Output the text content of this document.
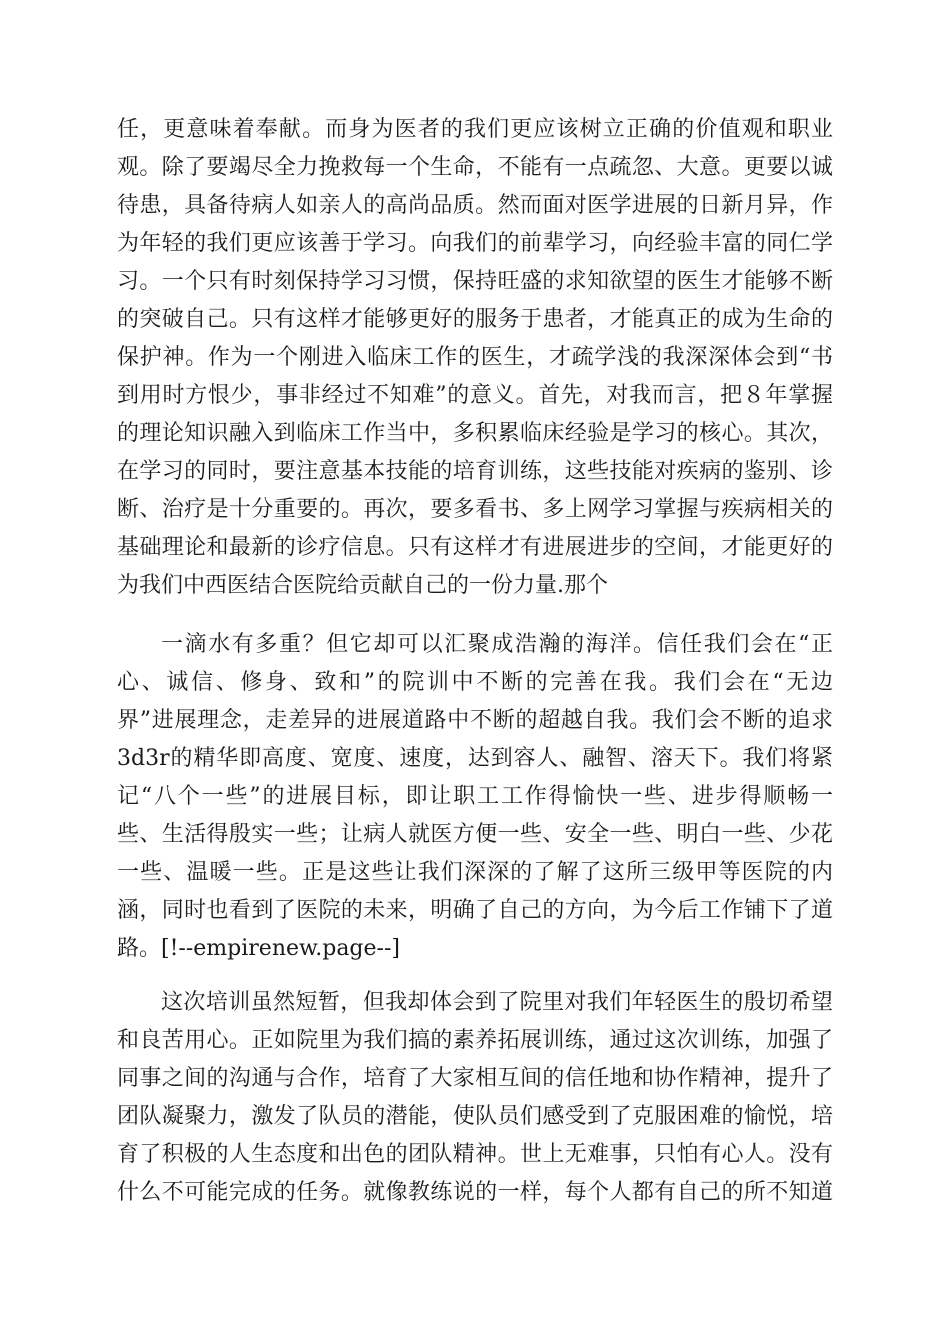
任，更意味着奉献。而身为医者的我们更应该树立正确的价值观和职业
观。除了要竭尽全力挽救每一个生命，不能有一点疏忽、大意。更要以诚
待患，具备待病人如亲人的高尚品质。然而面对医学进展的日新月异，作
为年轻的我们更应该善于学习。向我们的前辈学习，向经验丰富的同仁学
习。一个只有时刻保持学习习惯，保持旺盛的求知欲望的医生才能够不断
的突破自己。只有这样才能够更好的服务于患者，才能真正的成为生命的
保护神。作为一个刚进入临床工作的医生，才疏学浅的我深深体会到“书
到用时方恨少，事非经过不知难”的意义。首先，对我而言，把８年掌握
的理论知识融入到临床工作当中，多积累临床经验是学习的核心。其次，
在学习的同时，要注意基本技能的培育训练，这些技能对疾病的鉴别、诊
断、治疗是十分重要的。再次，要多看书、多上网学习掌握与疾病相关的
基础理论和最新的诊疗信息。只有这样才有进展进步的空间，才能更好的
为我们中西医结合医院给贡献自己的一份力量.那个
一滴水有多重？但它却可以汇聚成浩瀚的海洋。信任我们会在“正
心、诚信、修身、致和”的院训中不断的完善在我。我们会在“无边
界”进展理念，走差异的进展道路中不断的超越自我。我们会不断的追求
3d3r的精华即高度、宽度、速度，达到容人、融智、溶天下。我们将紧
记“八个一些”的进展目标，即让职工工作得愉快一些、进步得顺畅一
些、生活得殷实一些；让病人就医方便一些、安全一些、明白一些、少花
一些、温暖一些。正是这些让我们深深的了解了这所三级甲等医院的内
涵，同时也看到了医院的未来，明确了自己的方向，为今后工作铺下了道
路。[!--empirenew.page--]
这次培训虽然短暂，但我却体会到了院里对我们年轻医生的殷切希望
和良苦用心。正如院里为我们搞的素养拓展训练，通过这次训练，加强了
同事之间的沟通与合作，培育了大家相互间的信任地和协作精神，提升了
团队凝聚力，激发了队员的潜能，使队员们感受到了克服困难的愉悦，培
育了积极的人生态度和出色的团队精神。世上无难事，只怕有心人。没有
什么不可能完成的任务。就像教练说的一样，每个人都有自己的所不知道
